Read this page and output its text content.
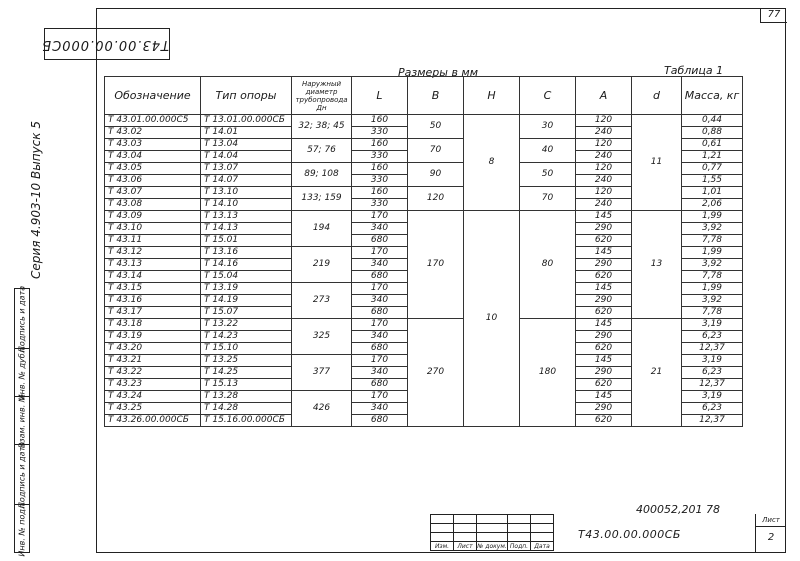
77
Т43.00.00.000СБ
Серия 4.903-10 Выпуск 5
Подпись и дата
Инв. № дубл.
Взам. инв. №
Подпись и дата
Инв. № подл.
Размеры в мм	Таблица 1
Обозначение	Тип опоры	Наружный диаметр трубопровода Дн	L	B	H	C	A	d	Масса, кг
Т 43.01.00.000С5	Т 13.01.00.000СБ	32; 38; 45	160	50	8	30	120	11	0,44
Т 43.02	Т 14.01		330				240		0,88
Т 43.03	Т 13.04	57; 76	160	70		40	120		0,61
Т 43.04	Т 14.04		330				240		1,21
Т 43.05	Т 13.07	89; 108	160	90		50	120		0,77
Т 43.06	Т 14.07		330				240		1,55
Т 43.07	Т 13.10	133; 159	160	120		70	120		1,01
Т 43.08	Т 14.10		330				240		2,06
Т 43.09	Т 13.13	194	170	170	10	80	145	13	1,99
Т 43.10	Т 14.13		340				290		3,92
Т 43.11	Т 15.01		680				620		7,78
Т 43.12	Т 13.16	219	170				145		1,99
Т 43.13	Т 14.16		340				290		3,92
Т 43.14	Т 15.04		680				620		7,78
Т 43.15	Т 13.19	273	170				145		1,99
Т 43.16	Т 14.19		340				290		3,92
Т 43.17	Т 15.07		680				620		7,78
Т 43.18	Т 13.22	325	170	270		180	145	21	3,19
Т 43.19	Т 14.23		340				290		6,23
Т 43.20	Т 15.10		680				620		12,37
Т 43.21	Т 13.25	377	170				145		3,19
Т 43.22	Т 14.25		340				290		6,23
Т 43.23	Т 15.13		680				620		12,37
Т 43.24	Т 13.28	426	170				145		3,19
Т 43.25	Т 14.28		340				290		6,23
Т 43.26.00.000СБ	Т 15.16.00.000СБ		680				620		12,37
400052,201 78

Изм.	Лист	№ докум.	Подп.	Дата
Т43.00.00.000СБ
Лист
2
